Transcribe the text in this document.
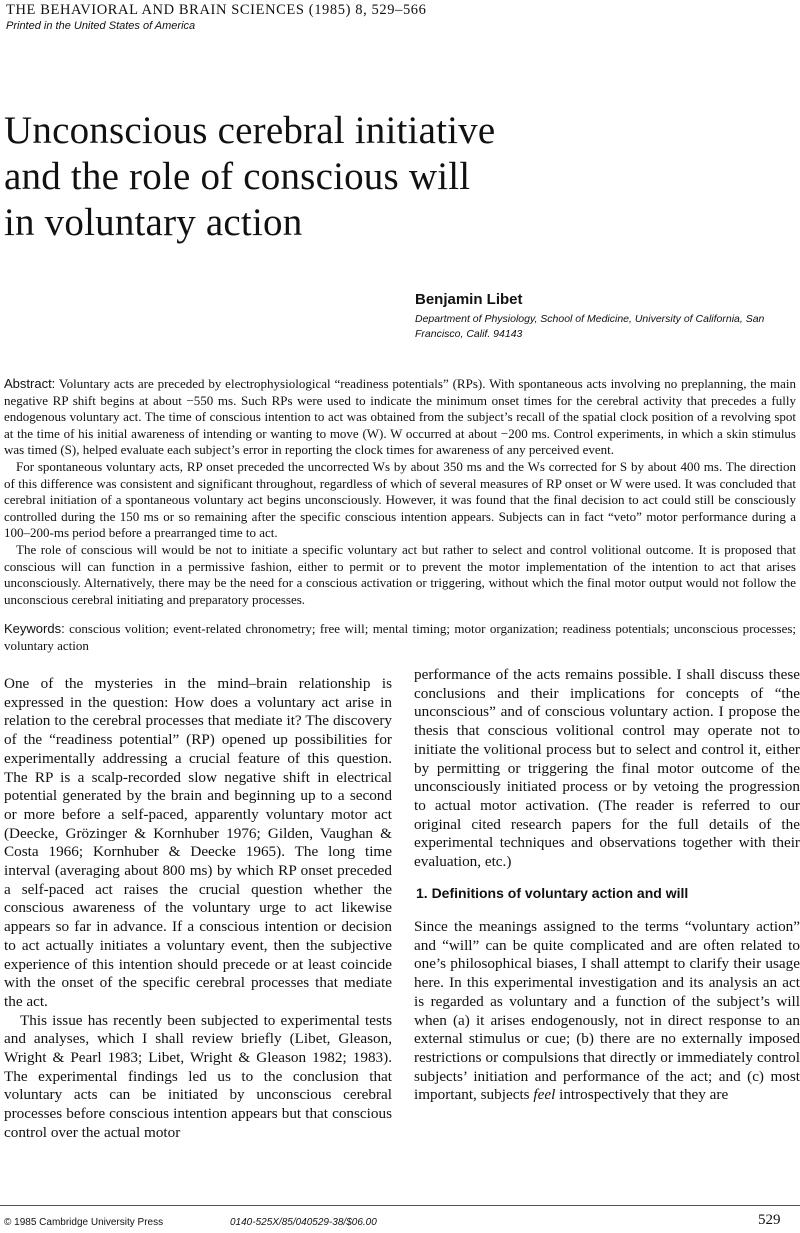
THE BEHAVIORAL AND BRAIN SCIENCES (1985) 8, 529–566
Printed in the United States of America
Unconscious cerebral initiative
and the role of conscious will
in voluntary action
Benjamin Libet
Department of Physiology, School of Medicine, University of California, San Francisco, Calif. 94143

Abstract: Voluntary acts are preceded by electrophysiological “readiness potentials” (RPs). With spontaneous acts involving no preplanning, the main negative RP shift begins at about −550 ms. Such RPs were used to indicate the minimum onset times for the cerebral activity that precedes a fully endogenous voluntary act. The time of conscious intention to act was obtained from the subject’s recall of the spatial clock position of a revolving spot at the time of his initial awareness of intending or wanting to move (W). W occurred at about −200 ms. Control experiments, in which a skin stimulus was timed (S), helped evaluate each subject’s error in reporting the clock times for awareness of any perceived event.

For spontaneous voluntary acts, RP onset preceded the uncorrected Ws by about 350 ms and the Ws corrected for S by about 400 ms. The direction of this difference was consistent and significant throughout, regardless of which of several measures of RP onset or W were used. It was concluded that cerebral initiation of a spontaneous voluntary act begins unconsciously. However, it was found that the final decision to act could still be consciously controlled during the 150 ms or so remaining after the specific conscious intention appears. Subjects can in fact “veto” motor performance during a 100–200-ms period before a prearranged time to act.

The role of conscious will would be not to initiate a specific voluntary act but rather to select and control volitional outcome. It is proposed that conscious will can function in a permissive fashion, either to permit or to prevent the motor implementation of the intention to act that arises unconsciously. Alternatively, there may be the need for a conscious activation or triggering, without which the final motor output would not follow the unconscious cerebral initiating and preparatory processes.

Keywords: conscious volition; event-related chronometry; free will; mental timing; motor organization; readiness potentials; unconscious processes; voluntary action

One of the mysteries in the mind–brain relationship is expressed in the question: How does a voluntary act arise in relation to the cerebral processes that mediate it? The discovery of the “readiness potential” (RP) opened up possibilities for experimentally addressing a crucial feature of this question. The RP is a scalp-recorded slow negative shift in electrical potential generated by the brain and beginning up to a second or more before a self-paced, apparently voluntary motor act (Deecke, Grözinger & Kornhuber 1976; Gilden, Vaughan & Costa 1966; Kornhuber & Deecke 1965). The long time interval (averaging about 800 ms) by which RP onset preceded a self-paced act raises the crucial question whether the conscious awareness of the voluntary urge to act likewise appears so far in advance. If a conscious intention or decision to act actually initiates a voluntary event, then the subjective experience of this intention should precede or at least coincide with the onset of the specific cerebral processes that mediate the act.

This issue has recently been subjected to experimental tests and analyses, which I shall review briefly (Libet, Gleason, Wright & Pearl 1983; Libet, Wright & Gleason 1982; 1983). The experimental findings led us to the conclusion that voluntary acts can be initiated by unconscious cerebral processes before conscious intention appears but that conscious control over the actual motor

performance of the acts remains possible. I shall discuss these conclusions and their implications for concepts of “the unconscious” and of conscious voluntary action. I propose the thesis that conscious volitional control may operate not to initiate the volitional process but to select and control it, either by permitting or triggering the final motor outcome of the unconsciously initiated process or by vetoing the progression to actual motor activation. (The reader is referred to our original cited research papers for the full details of the experimental techniques and observations together with their evaluation, etc.)

1. Definitions of voluntary action and will

Since the meanings assigned to the terms “voluntary action” and “will” can be quite complicated and are often related to one’s philosophical biases, I shall attempt to clarify their usage here. In this experimental investigation and its analysis an act is regarded as voluntary and a function of the subject’s will when (a) it arises endogenously, not in direct response to an external stimulus or cue; (b) there are no externally imposed restrictions or compulsions that directly or immediately control subjects’ initiation and performance of the act; and (c) most important, subjects feel introspectively that they are

© 1985 Cambridge University Press	0140-525X/85/040529-38/$06.00	529
